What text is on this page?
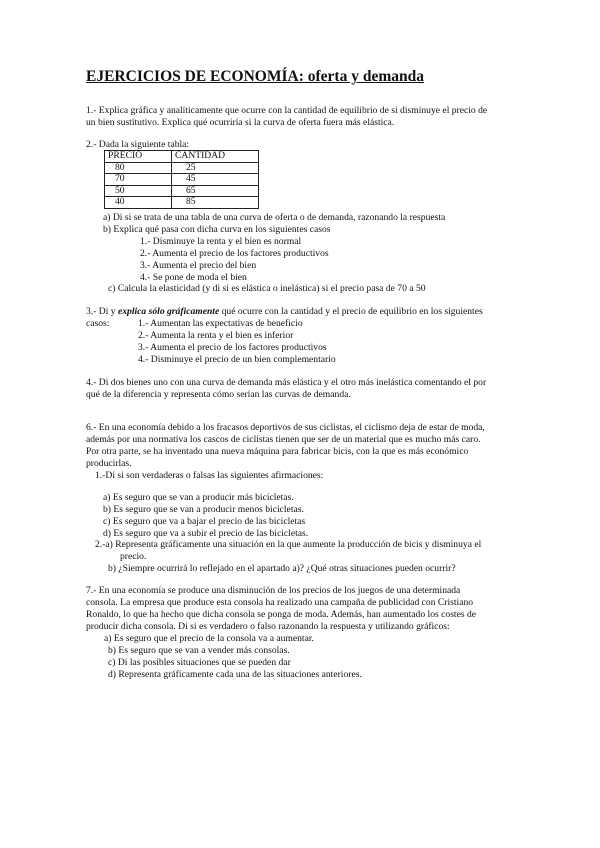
EJERCICIOS DE ECONOMÍA: oferta y demanda
1.- Explica gráfica y analíticamente que ocurre con la cantidad de equilibrio de si disminuye el precio de
un bien sustitutivo. Explica qué ocurriría si la curva de oferta fuera más elástica.
2.- Dada la siguiente tabla:
PRECIO	CANTIDAD
80	25
70	45
50	65
40	85
a) Di si se trata de una tabla de una curva de oferta o de demanda, razonando la respuesta
b) Explica qué pasa con dicha curva en los siguientes casos
1.- Disminuye la renta y el bien es normal
2.- Aumenta el precio de los factores productivos
3.- Aumenta el precio del bien
4.- Se pone de moda el bien
c) Calcula la elasticidad (y di si es elástica o inelástica) si el precio pasa de 70 a 50
3.- Di y explica sólo gráficamente qué ocurre con la cantidad y el precio de equilibrio en los siguientes
casos:	1.- Aumentan las expectativas de beneficio
2.- Aumenta la renta y el bien es inferior
3.- Aumenta el precio de los factores productivos
4.- Disminuye el precio de un bien complementario
4.- Di dos bienes uno con una curva de demanda más elástica y el otro más inelástica comentando el por
qué de la diferencia y representa cómo serían las curvas de demanda.
6.- En una economía debido a los fracasos deportivos de sus ciclistas, el ciclismo deja de estar de moda,
además por una normativa los cascos de ciclistas tienen que ser de un material que es mucho más caro.
Por otra parte, se ha inventado una nueva máquina para fabricar bicis, con la que es más económico
producirlas.
1.-Di si son verdaderas o falsas las siguientes afirmaciones:
a) Es seguro que se van a producir más bicicletas.
b) Es seguro que se van a producir menos bicicletas.
c) Es seguro que va a bajar el precio de las bicicletas
d) Es seguro que va a subir el precio de las bicicletas.
2.-a) Representa gráficamente una situación en la que aumente la producción de bicis y disminuya el
precio.
b) ¿Siempre ocurrirá lo reflejado en el apartado a)? ¿Qué otras situaciones pueden ocurrir?
7.- En una economía se produce una disminución de los precios de los juegos de una determinada
consola. La empresa que produce esta consola ha realizado una campaña de publicidad con Cristiano
Ronaldo, lo que ha hecho que dicha consola se ponga de moda. Además, han aumentado los costes de
producir dicha consola. Di si es verdadero o falso razonando la respuesta y utilizando gráficos:
a) Es seguro que el precio de la consola va a aumentar.
b) Es seguro que se van a vender más consolas.
c) Di las posibles situaciones que se pueden dar
d) Representa gráficamente cada una de las situaciones anteriores.
